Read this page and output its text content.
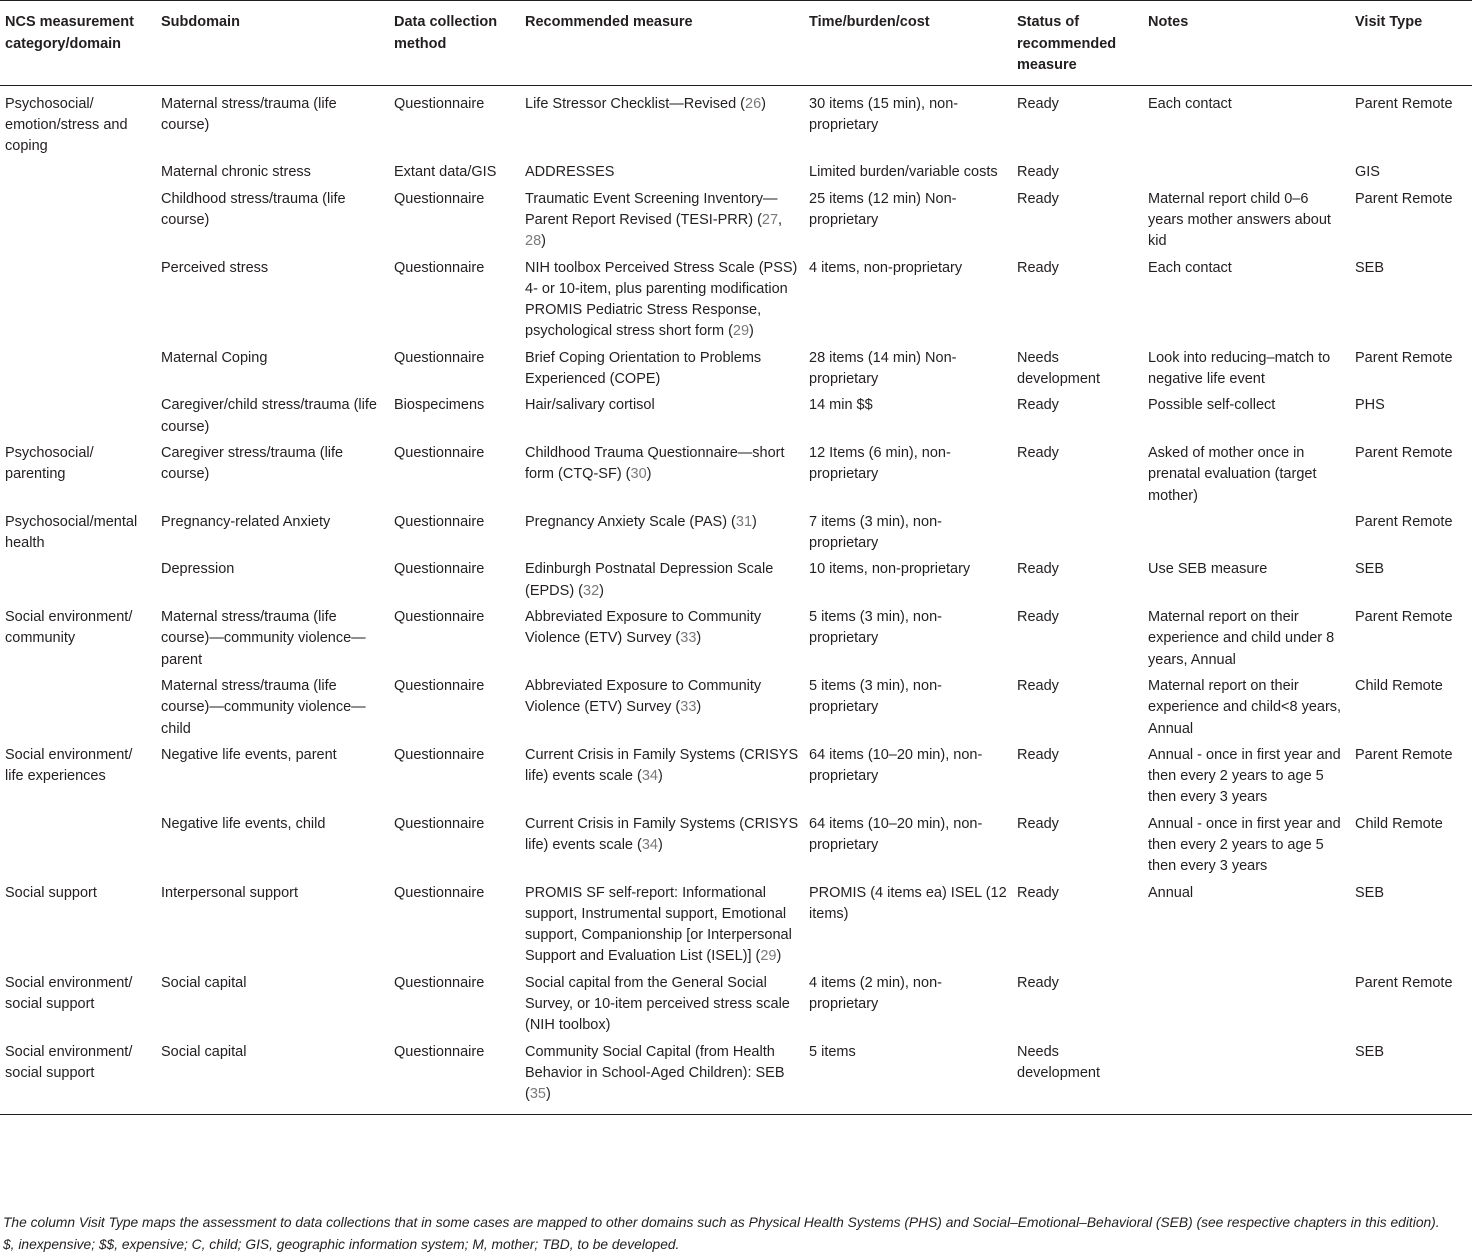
NCS measurement category/domain	Subdomain	Data collection method	Recommended measure	Time/burden/cost	Status of recommended measure	Notes	Visit Type
Psychosocial/ emotion/stress and coping	Maternal stress/trauma (life course)	Questionnaire	Life Stressor Checklist—Revised (26)	30 items (15 min), non-proprietary	Ready	Each contact	Parent Remote
	Maternal chronic stress	Extant data/GIS	ADDRESSES	Limited burden/variable costs	Ready		GIS
	Childhood stress/trauma (life course)	Questionnaire	Traumatic Event Screening Inventory—Parent Report Revised (TESI-PRR) (27, 28)	25 items (12 min) Non-proprietary	Ready	Maternal report child 0–6 years mother answers about kid	Parent Remote
	Perceived stress	Questionnaire	NIH toolbox Perceived Stress Scale (PSS)
4- or 10-item, plus parenting modification
PROMIS Pediatric Stress Response, psychological stress short form (29)	4 items, non-proprietary	Ready	Each contact	SEB
	Maternal Coping	Questionnaire	Brief Coping Orientation to Problems Experienced (COPE)	28 items (14 min) Non-proprietary	Needs development	Look into reducing–match to negative life event	Parent Remote
	Caregiver/child stress/trauma (life course)	Biospecimens	Hair/salivary cortisol	14 min $$	Ready	Possible self-collect	PHS
Psychosocial/ parenting	Caregiver stress/trauma (life course)	Questionnaire	Childhood Trauma Questionnaire—short form (CTQ-SF) (30)	12 Items (6 min), non-proprietary	Ready	Asked of mother once in prenatal evaluation (target mother)	Parent Remote
Psychosocial/mental health	Pregnancy-related Anxiety	Questionnaire	Pregnancy Anxiety Scale (PAS) (31)	7 items (3 min), non-proprietary			Parent Remote
	Depression	Questionnaire	Edinburgh Postnatal Depression Scale (EPDS) (32)	10 items, non-proprietary	Ready	Use SEB measure	SEB
Social environment/ community	Maternal stress/trauma (life course)—community violence—parent	Questionnaire	Abbreviated Exposure to Community Violence (ETV) Survey (33)	5 items (3 min), non-proprietary	Ready	Maternal report on their experience and child under 8 years, Annual	Parent Remote
	Maternal stress/trauma (life course)—community violence—child	Questionnaire	Abbreviated Exposure to Community Violence (ETV) Survey (33)	5 items (3 min), non-proprietary	Ready	Maternal report on their experience and child<8 years, Annual	Child Remote
Social environment/ life experiences	Negative life events, parent	Questionnaire	Current Crisis in Family Systems (CRISYS life) events scale (34)	64 items (10–20 min), non-proprietary	Ready	Annual - once in first year and then every 2 years to age 5 then every 3 years	Parent Remote
	Negative life events, child	Questionnaire	Current Crisis in Family Systems (CRISYS life) events scale (34)	64 items (10–20 min), non-proprietary	Ready	Annual - once in first year and then every 2 years to age 5 then every 3 years	Child Remote
Social support	Interpersonal support	Questionnaire	PROMIS SF self-report: Informational support, Instrumental support, Emotional support, Companionship [or Interpersonal Support and Evaluation List (ISEL)] (29)	PROMIS (4 items ea) ISEL (12 items)	Ready	Annual	SEB
Social environment/ social support	Social capital	Questionnaire	Social capital from the General Social Survey, or 10-item perceived stress scale (NIH toolbox)	4 items (2 min), non-proprietary	Ready		Parent Remote
Social environment/ social support	Social capital	Questionnaire	Community Social Capital (from Health Behavior in School-Aged Children): SEB (35)	5 items	Needs development		SEB

The column Visit Type maps the assessment to data collections that in some cases are mapped to other domains such as Physical Health Systems (PHS) and Social–Emotional–Behavioral (SEB) (see respective chapters in this edition).

$, inexpensive; $$, expensive; C, child; GIS, geographic information system; M, mother; TBD, to be developed.
